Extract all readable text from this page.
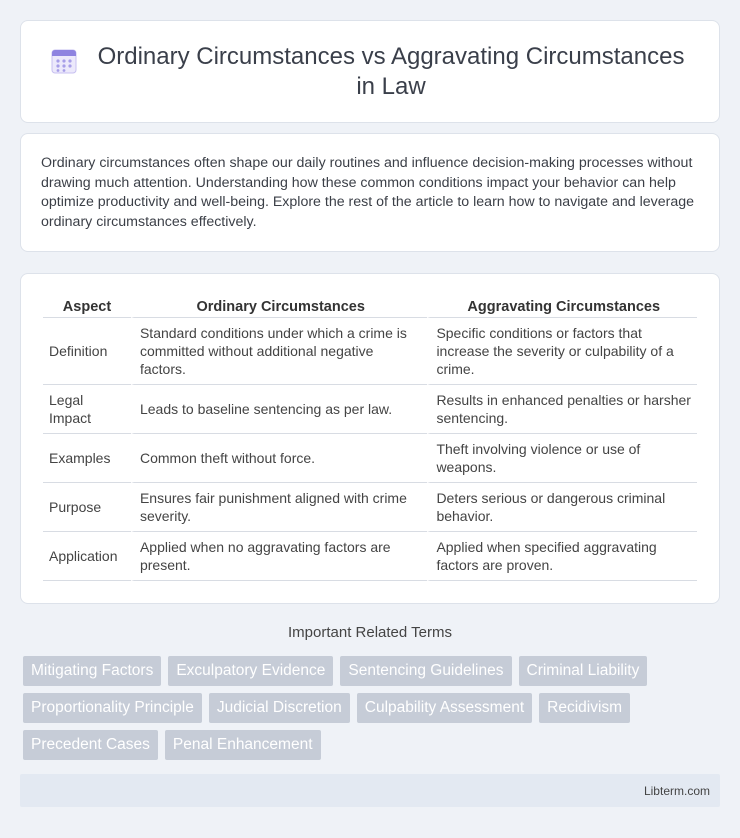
Ordinary Circumstances vs Aggravating Circumstances in Law

Ordinary circumstances often shape our daily routines and influence decision-making processes without drawing much attention. Understanding how these common conditions impact your behavior can help optimize productivity and well-being. Explore the rest of the article to learn how to navigate and leverage ordinary circumstances effectively.

Aspect	Ordinary Circumstances	Aggravating Circumstances
Definition	Standard conditions under which a crime is committed without additional negative factors.	Specific conditions or factors that increase the severity or culpability of a crime.
Legal Impact	Leads to baseline sentencing as per law.	Results in enhanced penalties or harsher sentencing.
Examples	Common theft without force.	Theft involving violence or use of weapons.
Purpose	Ensures fair punishment aligned with crime severity.	Deters serious or dangerous criminal behavior.
Application	Applied when no aggravating factors are present.	Applied when specified aggravating factors are proven.
Important Related Terms
Mitigating Factors	Exculpatory Evidence	Sentencing Guidelines	Criminal Liability
Proportionality Principle	Judicial Discretion	Culpability Assessment	Recidivism
Precedent Cases	Penal Enhancement
Libterm.com
